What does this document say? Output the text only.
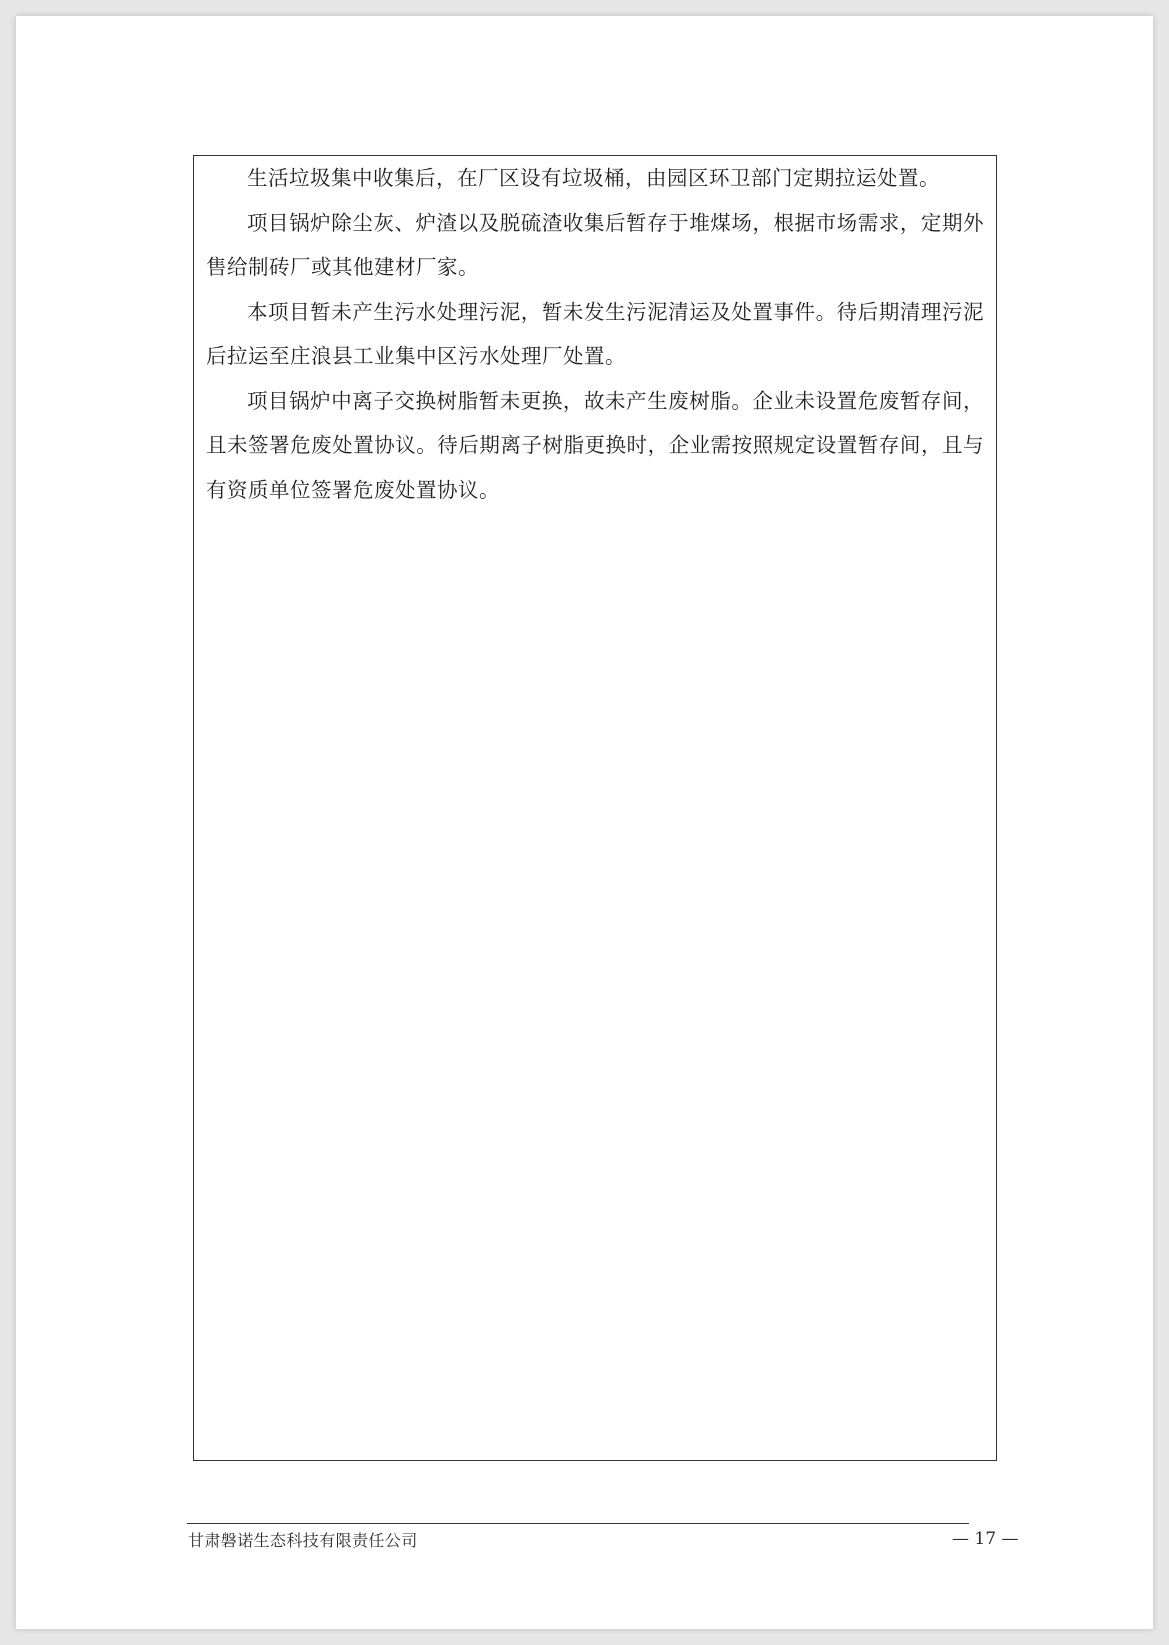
生活垃圾集中收集后，在厂区设有垃圾桶，由园区环卫部门定期拉运处置。

项目锅炉除尘灰、炉渣以及脱硫渣收集后暂存于堆煤场，根据市场需求，定期外售给制砖厂或其他建材厂家。

本项目暂未产生污水处理污泥，暂未发生污泥清运及处置事件。待后期清理污泥后拉运至庄浪县工业集中区污水处理厂处置。

项目锅炉中离子交换树脂暂未更换，故未产生废树脂。企业未设置危废暂存间，且未签署危废处置协议。待后期离子树脂更换时，企业需按照规定设置暂存间，且与有资质单位签署危废处置协议。

甘肃磐诺生态科技有限责任公司	— 17 —
